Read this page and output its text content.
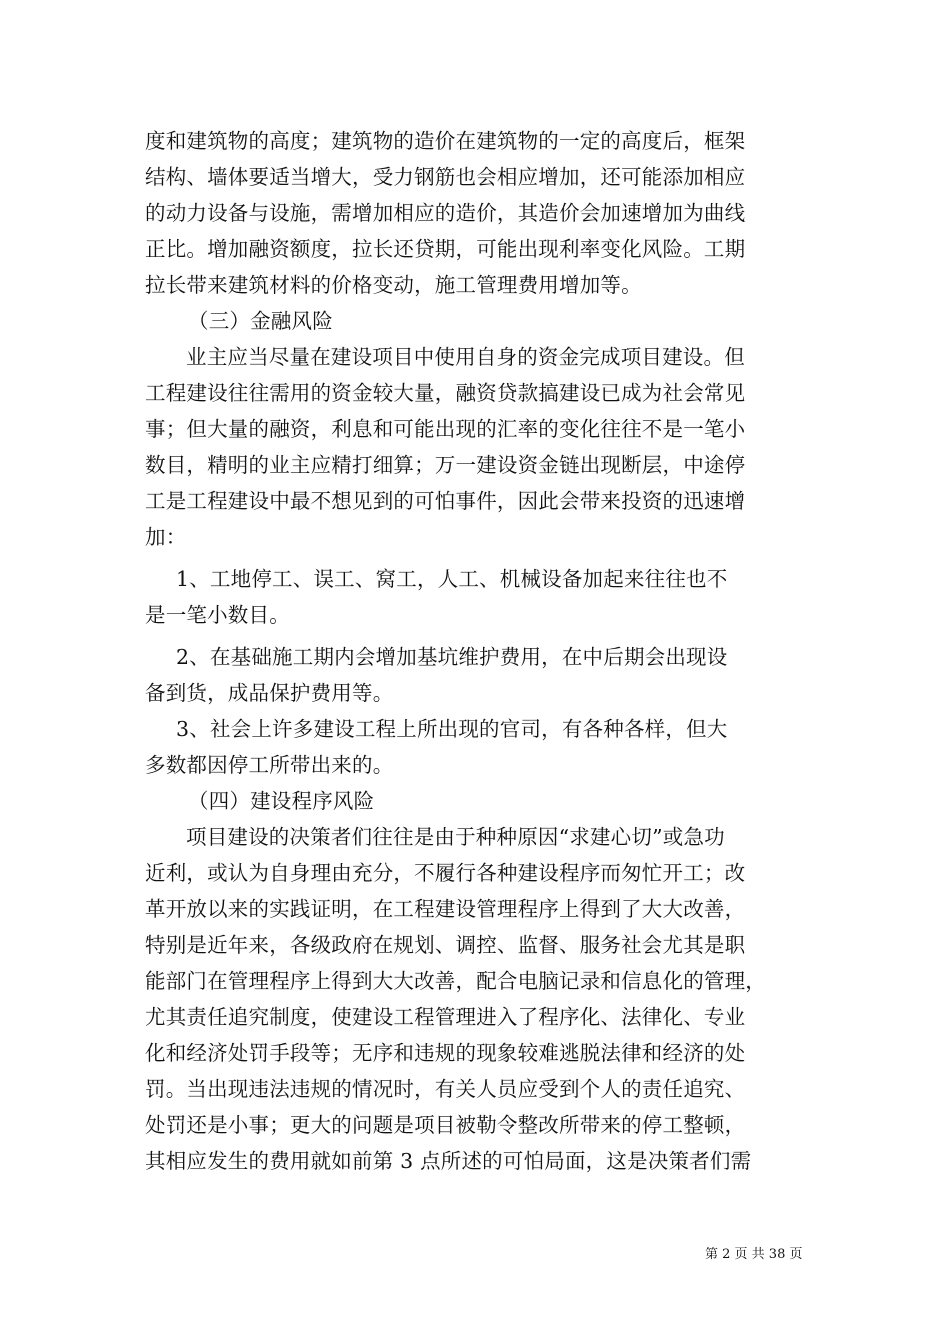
度和建筑物的高度；建筑物的造价在建筑物的一定的高度后，框架
结构、墙体要适当增大，受力钢筋也会相应增加，还可能添加相应
的动力设备与设施，需增加相应的造价，其造价会加速增加为曲线
正比。增加融资额度，拉长还贷期，可能出现利率变化风险。工期
拉长带来建筑材料的价格变动，施工管理费用增加等。
（三）金融风险
业主应当尽量在建设项目中使用自身的资金完成项目建设。但
工程建设往往需用的资金较大量，融资贷款搞建设已成为社会常见
事；但大量的融资，利息和可能出现的汇率的变化往往不是一笔小
数目，精明的业主应精打细算；万一建设资金链出现断层，中途停
工是工程建设中最不想见到的可怕事件，因此会带来投资的迅速增
加：
1、工地停工、误工、窝工，人工、机械设备加起来往往也不
是一笔小数目。
2、在基础施工期内会增加基坑维护费用，在中后期会出现设
备到货，成品保护费用等。
3、社会上许多建设工程上所出现的官司，有各种各样，但大
多数都因停工所带出来的。
（四）建设程序风险
项目建设的决策者们往往是由于种种原因“求建心切”或急功
近利，或认为自身理由充分，不履行各种建设程序而匆忙开工；改
革开放以来的实践证明，在工程建设管理程序上得到了大大改善，
特别是近年来，各级政府在规划、调控、监督、服务社会尤其是职
能部门在管理程序上得到大大改善，配合电脑记录和信息化的管理，
尤其责任追究制度，使建设工程管理进入了程序化、法律化、专业
化和经济处罚手段等；无序和违规的现象较难逃脱法律和经济的处
罚。当出现违法违规的情况时，有关人员应受到个人的责任追究、
处罚还是小事；更大的问题是项目被勒令整改所带来的停工整顿，
其相应发生的费用就如前第 3 点所述的可怕局面，这是决策者们需
第 2 页 共 38 页
